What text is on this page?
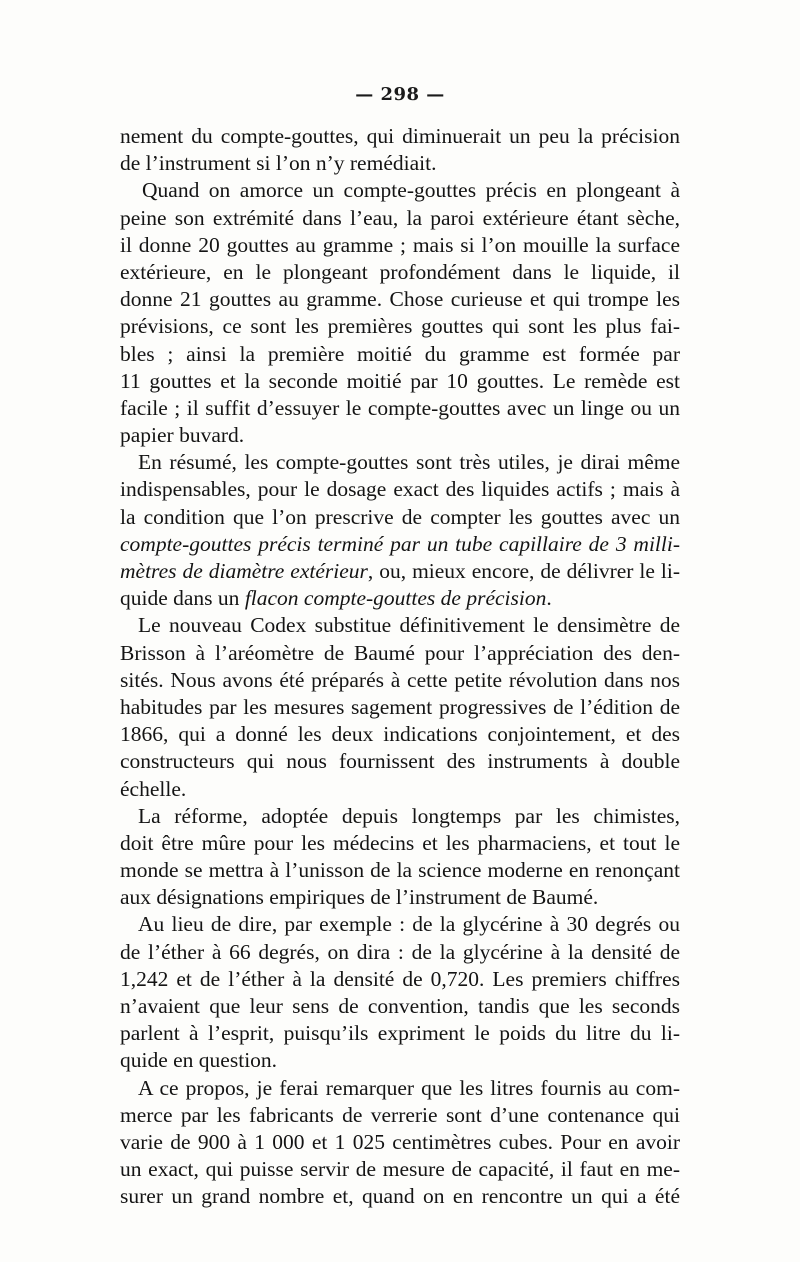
— 298 —
nement du compte-gouttes, qui diminuerait un peu la précision
de l’instrument si l’on n’y remédiait.
Quand on amorce un compte-gouttes précis en plongeant à
peine son extrémité dans l’eau, la paroi extérieure étant sèche,
il donne 20 gouttes au gramme ; mais si l’on mouille la surface
extérieure, en le plongeant profondément dans le liquide, il
donne 21 gouttes au gramme. Chose curieuse et qui trompe les
prévisions, ce sont les premières gouttes qui sont les plus fai-
bles ; ainsi la première moitié du gramme est formée par
11 gouttes et la seconde moitié par 10 gouttes. Le remède est
facile ; il suffit d’essuyer le compte-gouttes avec un linge ou un
papier buvard.
En résumé, les compte-gouttes sont très utiles, je dirai même
indispensables, pour le dosage exact des liquides actifs ; mais à
la condition que l’on prescrive de compter les gouttes avec un
compte-gouttes précis terminé par un tube capillaire de 3 milli-
mètres de diamètre extérieur, ou, mieux encore, de délivrer le li-
quide dans un flacon compte-gouttes de précision.
Le nouveau Codex substitue définitivement le densimètre de
Brisson à l’aréomètre de Baumé pour l’appréciation des den-
sités. Nous avons été préparés à cette petite révolution dans nos
habitudes par les mesures sagement progressives de l’édition de
1866, qui a donné les deux indications conjointement, et des
constructeurs qui nous fournissent des instruments à double
échelle.
La réforme, adoptée depuis longtemps par les chimistes,
doit être mûre pour les médecins et les pharmaciens, et tout le
monde se mettra à l’unisson de la science moderne en renonçant
aux désignations empiriques de l’instrument de Baumé.
Au lieu de dire, par exemple : de la glycérine à 30 degrés ou
de l’éther à 66 degrés, on dira : de la glycérine à la densité de
1,242 et de l’éther à la densité de 0,720. Les premiers chiffres
n’avaient que leur sens de convention, tandis que les seconds
parlent à l’esprit, puisqu’ils expriment le poids du litre du li-
quide en question.
A ce propos, je ferai remarquer que les litres fournis au com-
merce par les fabricants de verrerie sont d’une contenance qui
varie de 900 à 1 000 et 1 025 centimètres cubes. Pour en avoir
un exact, qui puisse servir de mesure de capacité, il faut en me-
surer un grand nombre et, quand on en rencontre un qui a été
